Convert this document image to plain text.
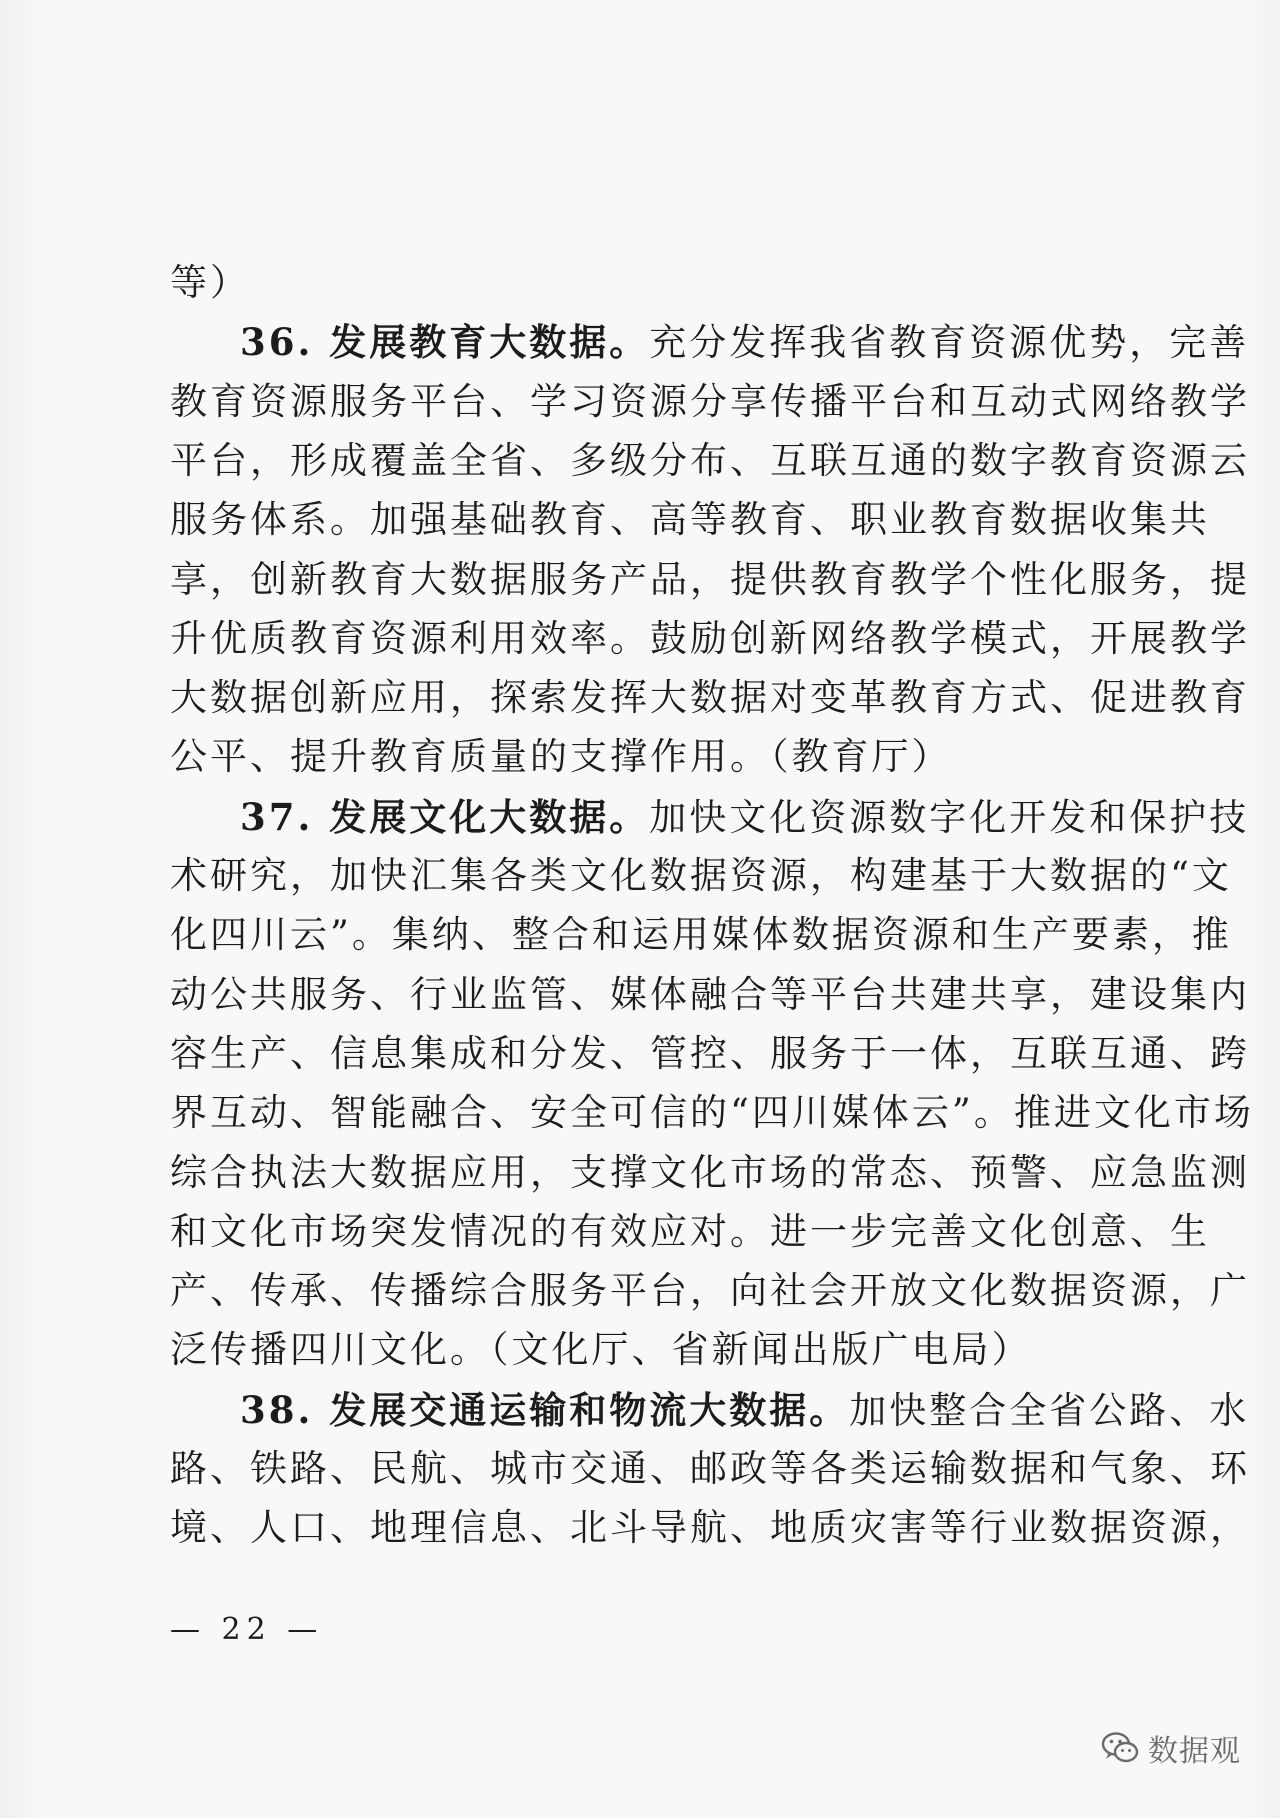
等）
36. 发展教育大数据。充分发挥我省教育资源优势，完善
教育资源服务平台、学习资源分享传播平台和互动式网络教学
平台，形成覆盖全省、多级分布、互联互通的数字教育资源云
服务体系。加强基础教育、高等教育、职业教育数据收集共
享，创新教育大数据服务产品，提供教育教学个性化服务，提
升优质教育资源利用效率。鼓励创新网络教学模式，开展教学
大数据创新应用，探索发挥大数据对变革教育方式、促进教育
公平、提升教育质量的支撑作用。（教育厅）
37. 发展文化大数据。加快文化资源数字化开发和保护技
术研究，加快汇集各类文化数据资源，构建基于大数据的“文
化四川云”。集纳、整合和运用媒体数据资源和生产要素，推
动公共服务、行业监管、媒体融合等平台共建共享，建设集内
容生产、信息集成和分发、管控、服务于一体，互联互通、跨
界互动、智能融合、安全可信的“四川媒体云”。推进文化市场
综合执法大数据应用，支撑文化市场的常态、预警、应急监测
和文化市场突发情况的有效应对。进一步完善文化创意、生
产、传承、传播综合服务平台，向社会开放文化数据资源，广
泛传播四川文化。（文化厅、省新闻出版广电局）
38. 发展交通运输和物流大数据。加快整合全省公路、水
路、铁路、民航、城市交通、邮政等各类运输数据和气象、环
境、人口、地理信息、北斗导航、地质灾害等行业数据资源，
— 22 —
数据观
